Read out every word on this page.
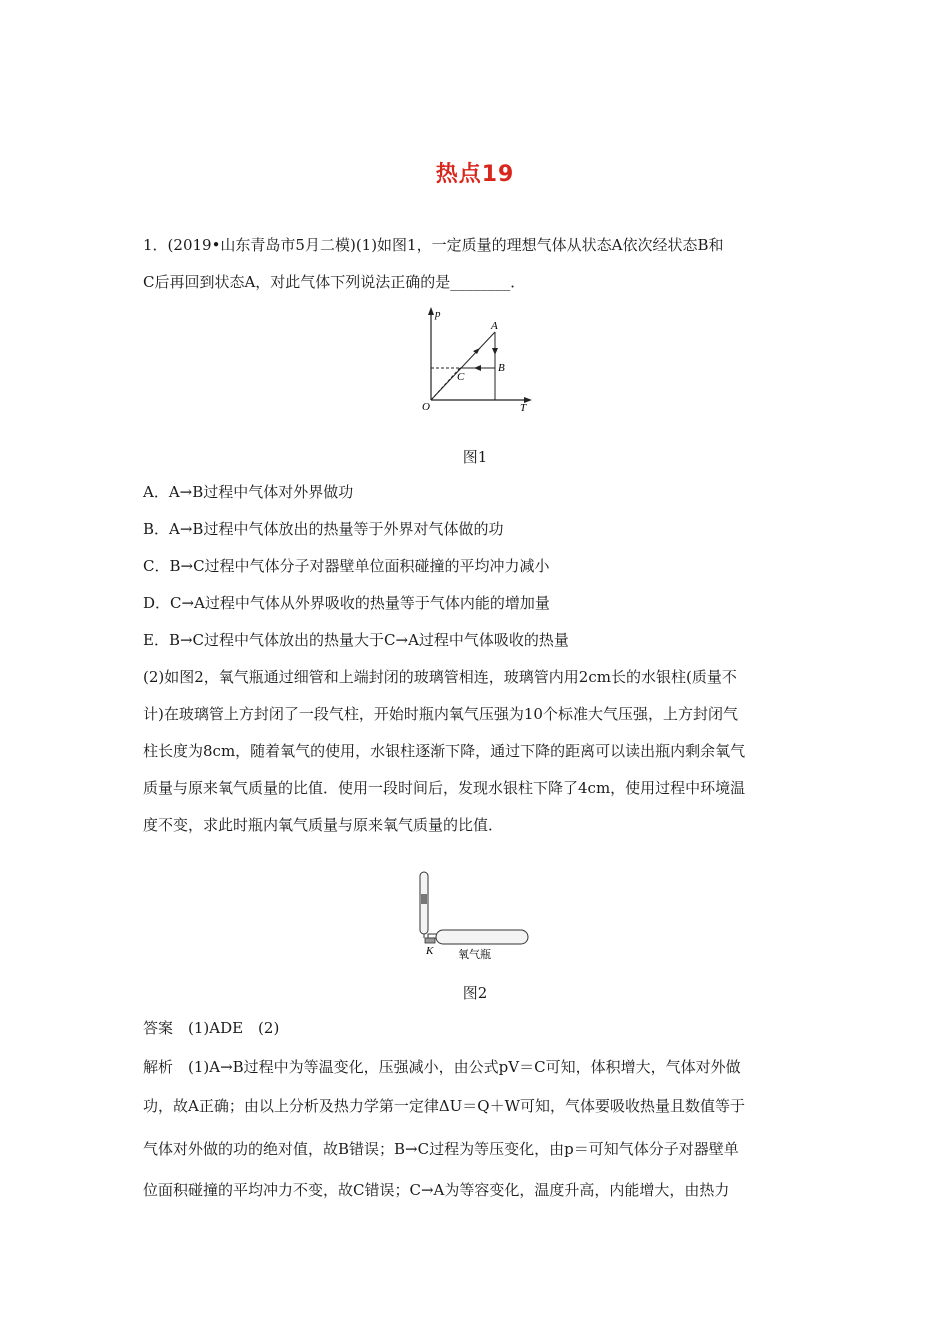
热点19
1．(2019•山东青岛市5月二模)(1)如图1，一定质量的理想气体从状态A依次经状态B和
C后再回到状态A，对此气体下列说法正确的是________．
p
T
O
A
B
C
图1
A．A→B过程中气体对外界做功
B．A→B过程中气体放出的热量等于外界对气体做的功
C．B→C过程中气体分子对器壁单位面积碰撞的平均冲力减小
D．C→A过程中气体从外界吸收的热量等于气体内能的增加量
E．B→C过程中气体放出的热量大于C→A过程中气体吸收的热量
(2)如图2，氧气瓶通过细管和上端封闭的玻璃管相连，玻璃管内用2cm长的水银柱(质量不
计)在玻璃管上方封闭了一段气柱，开始时瓶内氧气压强为10个标准大气压强，上方封闭气
柱长度为8cm，随着氧气的使用，水银柱逐渐下降，通过下降的距离可以读出瓶内剩余氧气
质量与原来氧气质量的比值．使用一段时间后，发现水银柱下降了4cm，使用过程中环境温
度不变，求此时瓶内氧气质量与原来氧气质量的比值．
K 氧气瓶
图2
答案　(1)ADE　(2)
解析　(1)A→B过程中为等温变化，压强减小，由公式pV＝C可知，体积增大，气体对外做
功，故A正确；由以上分析及热力学第一定律ΔU＝Q＋W可知，气体要吸收热量且数值等于
气体对外做的功的绝对值，故B错误；B→C过程为等压变化，由p＝可知气体分子对器壁单
位面积碰撞的平均冲力不变，故C错误；C→A为等容变化，温度升高，内能增大，由热力
